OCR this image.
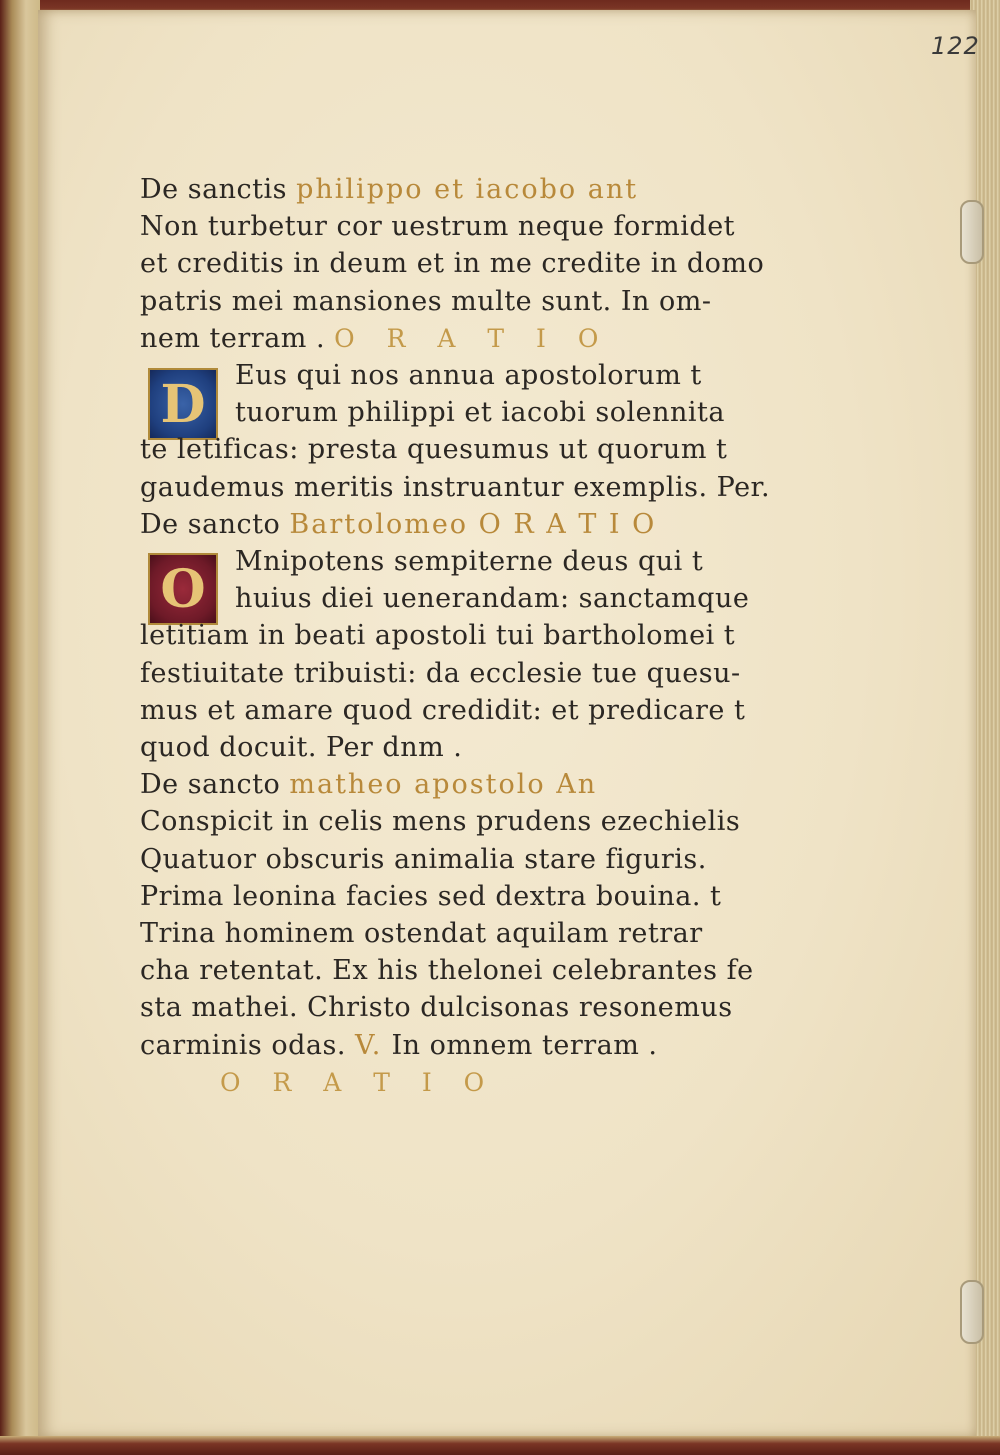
122
D
O
De sanctis philippo et iacobo ant
Non turbetur cor uestrum neque formidet
et creditis in deum et in me credite in domo
patris mei mansiones multe sunt. In om-
nem terram . O R A T I O
Eus qui nos annua apostolorum t
tuorum philippi et iacobi solennita
te letificas: presta quesumus ut quorum t
gaudemus meritis instruantur exemplis. Per.
De sancto Bartolomeo O R A T I O
Mnipotens sempiterne deus qui t
huius diei uenerandam: sanctamque
letitiam in beati apostoli tui bartholomei t
festiuitate tribuisti: da ecclesie tue quesu-
mus et amare quod credidit: et predicare t
quod docuit. Per dnm .
De sancto matheo apostolo An
Conspicit in celis mens prudens ezechielis
Quatuor obscuris animalia stare figuris.
Prima leonina facies sed dextra bouina. t
Trina hominem ostendat aquilam retrar
cha retentat. Ex his thelonei celebrantes fe
sta mathei. Christo dulcisonas resonemus
carminis odas. V. In omnem terram .
O R A T I O
